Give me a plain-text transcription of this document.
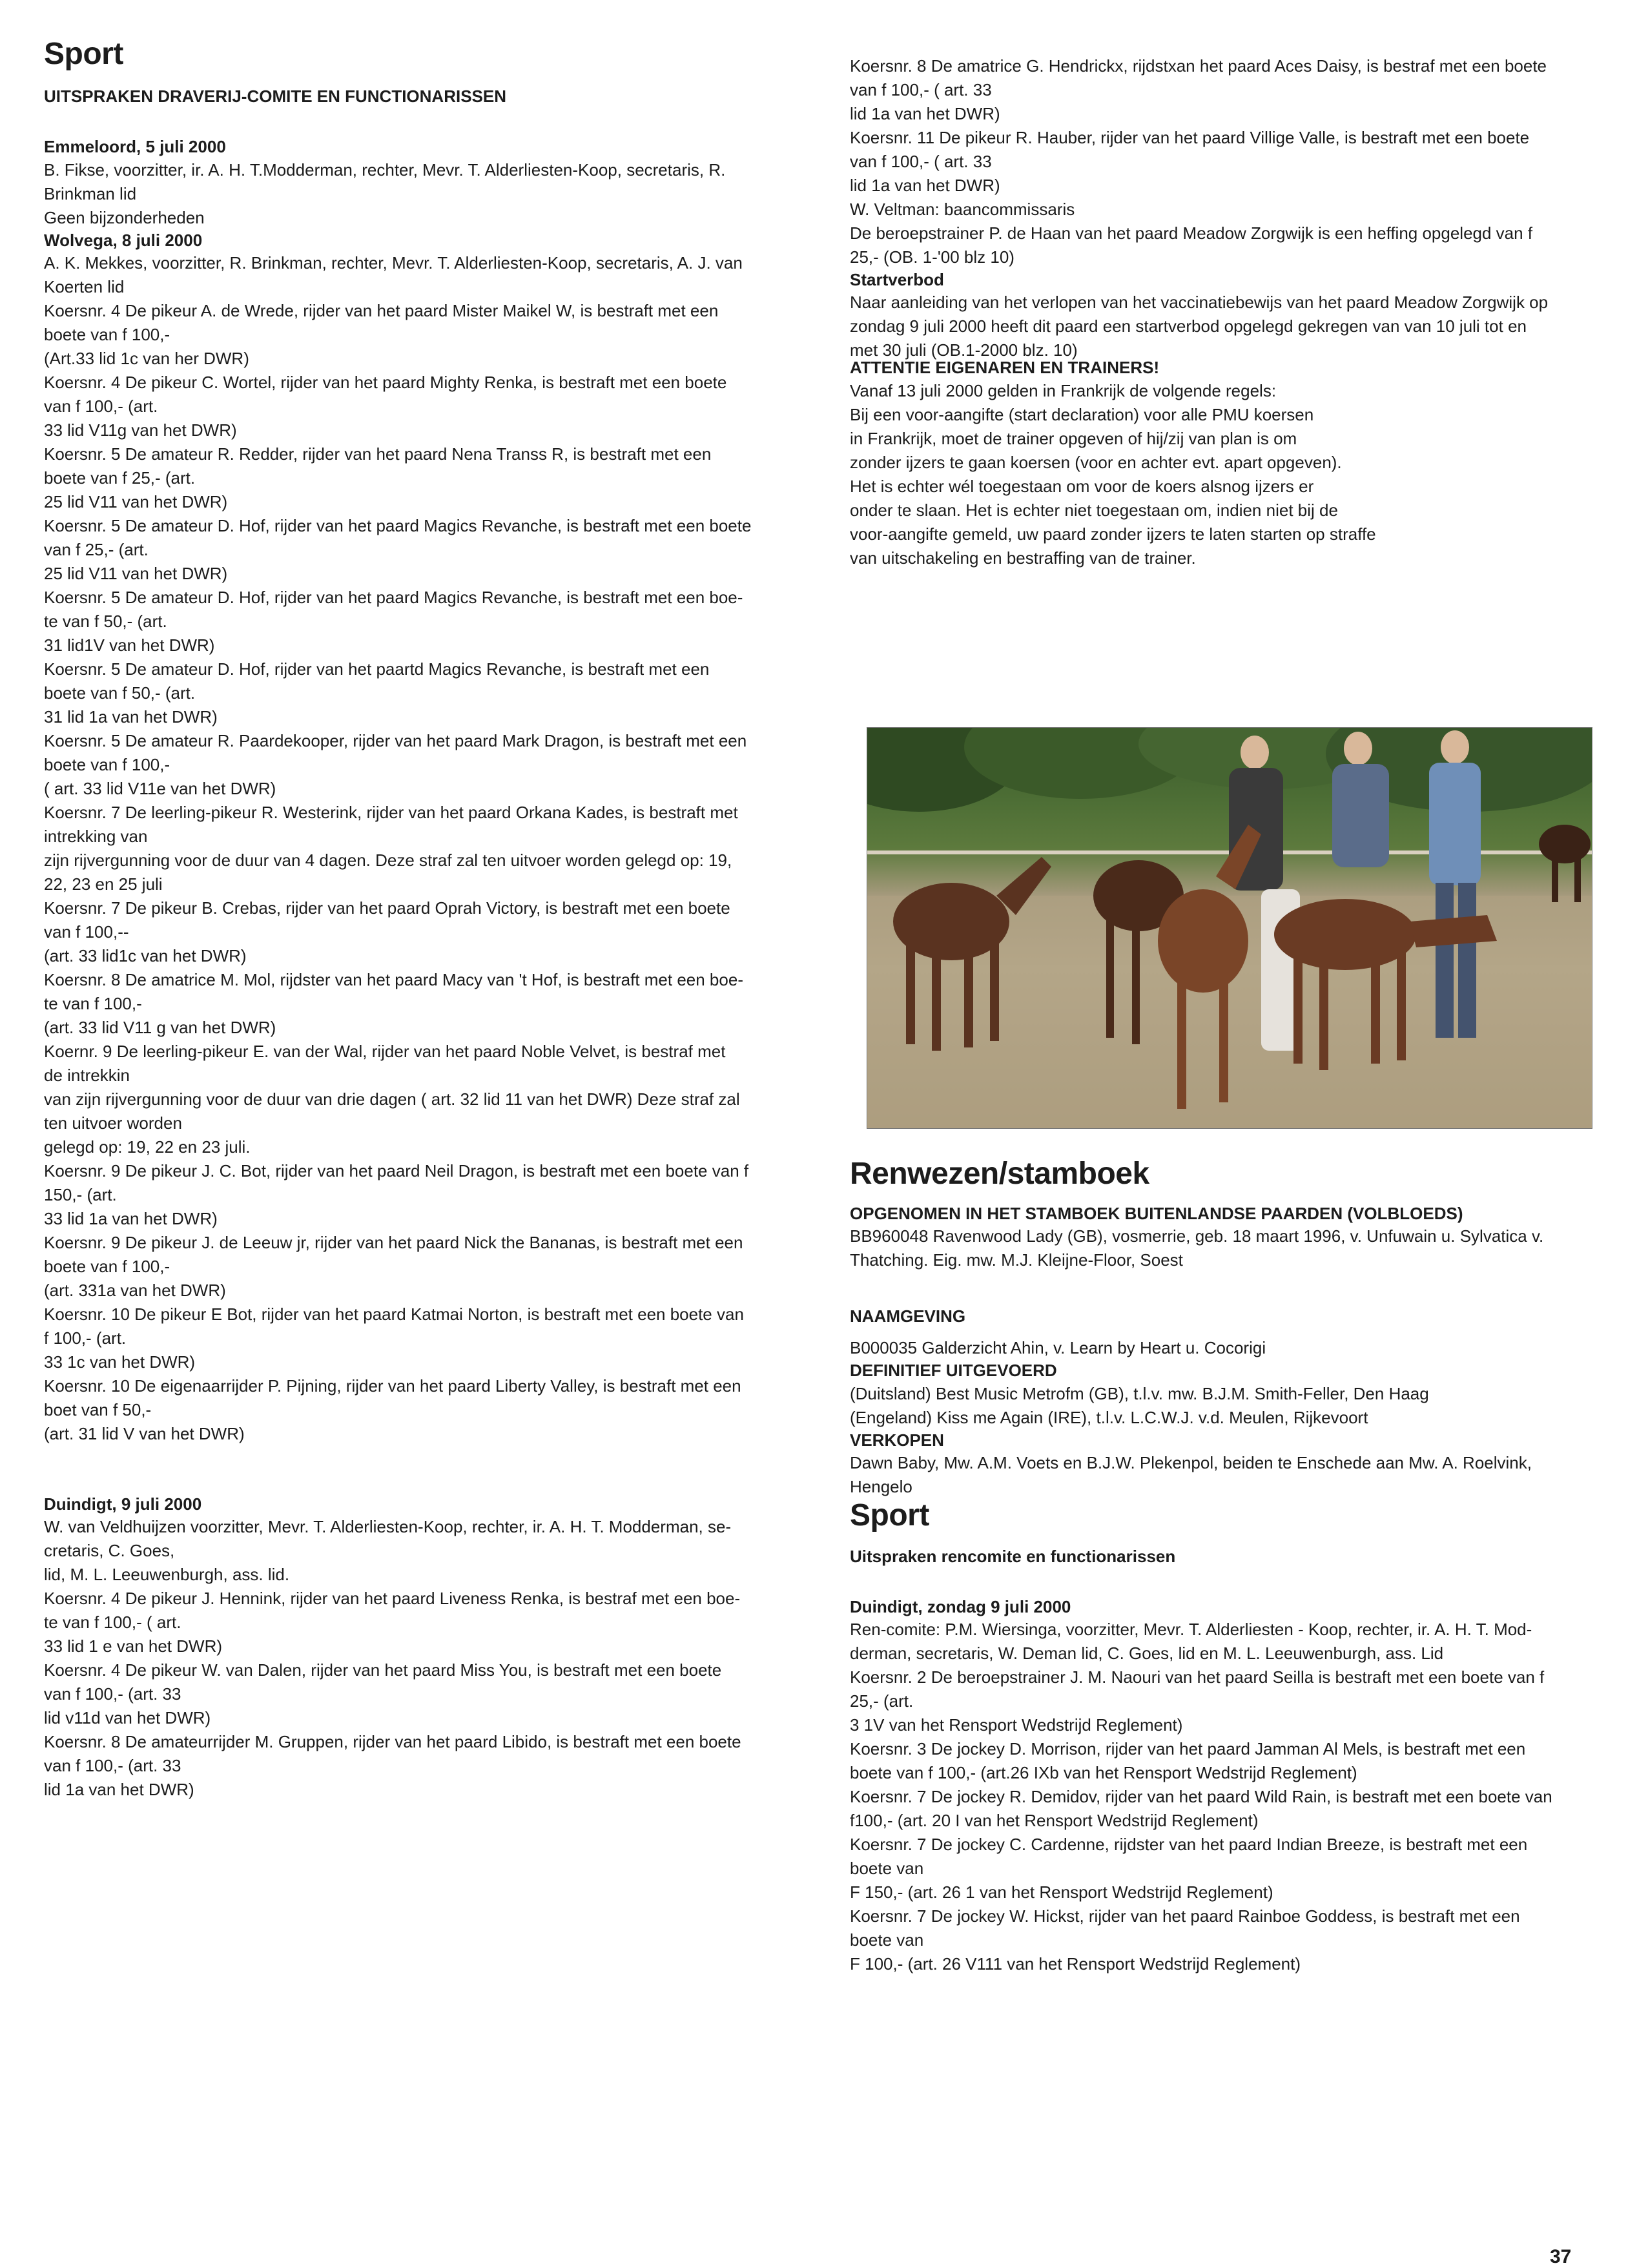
Sport
UITSPRAKEN DRAVERIJ-COMITE EN FUNCTIONARISSEN
Emmeloord, 5 juli 2000
B. Fikse, voorzitter, ir. A. H. T.Modderman, rechter, Mevr. T. Alderliesten-Koop, secretaris, R.
Brinkman lid
Geen bijzonderheden
Wolvega, 8 juli 2000
A. K. Mekkes, voorzitter, R. Brinkman, rechter, Mevr. T. Alderliesten-Koop, secretaris, A. J. van
Koerten lid
Koersnr. 4 De pikeur A. de Wrede, rijder van het paard Mister Maikel W, is bestraft met een
boete van f 100,-
(Art.33 lid 1c van her DWR)
Koersnr. 4 De pikeur C. Wortel, rijder van het paard Mighty Renka, is bestraft met een boete
van f 100,- (art.
33 lid V11g van het DWR)
Koersnr. 5 De amateur R. Redder, rijder van het paard Nena Transs R, is bestraft met een
boete van f 25,- (art.
25 lid V11 van het DWR)
Koersnr. 5 De amateur D. Hof, rijder van het paard Magics Revanche, is bestraft met een boete
van f 25,- (art.
25 lid V11 van het DWR)
Koersnr. 5 De amateur D. Hof, rijder van het paard Magics Revanche, is bestraft met een boe-
te van f 50,- (art.
31 lid1V van het DWR)
Koersnr. 5 De amateur D. Hof, rijder van het paartd Magics Revanche, is bestraft met een
boete van f 50,- (art.
31 lid 1a van het DWR)
Koersnr. 5 De amateur R. Paardekooper, rijder van het paard Mark Dragon, is bestraft met een
boete van f 100,-
( art. 33 lid V11e van het DWR)
Koersnr. 7 De leerling-pikeur R. Westerink, rijder van het paard Orkana Kades, is bestraft met
intrekking van
zijn rijvergunning voor de duur van 4 dagen. Deze straf zal ten uitvoer worden gelegd op: 19,
22, 23 en 25 juli
Koersnr. 7 De pikeur B. Crebas, rijder van het paard Oprah Victory, is bestraft met een boete
van f 100,--
(art. 33 lid1c van het DWR)
Koersnr. 8 De amatrice M. Mol, rijdster van het paard Macy van 't Hof, is bestraft met een boe-
te van f 100,-
(art. 33 lid V11 g van het DWR)
Koernr. 9 De leerling-pikeur E. van der Wal, rijder van het paard Noble Velvet, is bestraf met
de intrekkin
van zijn rijvergunning voor de duur van drie dagen ( art. 32 lid 11 van het DWR) Deze straf zal
ten uitvoer worden
gelegd op: 19, 22 en 23 juli.
Koersnr. 9 De pikeur J. C. Bot, rijder van het paard Neil Dragon, is bestraft met een boete van f
150,- (art.
33 lid 1a van het DWR)
Koersnr. 9 De pikeur J. de Leeuw jr, rijder van het paard Nick the Bananas, is bestraft met een
boete van f 100,-
(art. 331a van het DWR)
Koersnr. 10 De pikeur E Bot, rijder van het paard Katmai Norton, is bestraft met een boete van
f 100,- (art.
33 1c van het DWR)
Koersnr. 10 De eigenaarrijder P. Pijning, rijder van het paard Liberty Valley, is bestraft met een
boet van f 50,-
(art. 31 lid V van het DWR)
Duindigt, 9 juli 2000
W. van Veldhuijzen voorzitter, Mevr. T. Alderliesten-Koop, rechter, ir. A. H. T. Modderman, se-
cretaris, C. Goes,
lid, M. L. Leeuwenburgh, ass. lid.
Koersnr. 4 De pikeur J. Hennink, rijder van het paard Liveness Renka, is bestraf met een boe-
te van f 100,- ( art.
33 lid 1 e van het DWR)
Koersnr. 4 De pikeur W. van Dalen, rijder van het paard Miss You, is bestraft met een boete
van f 100,- (art. 33
lid v11d van het DWR)
Koersnr. 8 De amateurrijder M. Gruppen, rijder van het paard Libido, is bestraft met een boete
van f 100,- (art. 33
lid 1a van het DWR)
Koersnr. 8 De amatrice G. Hendrickx, rijdstxan het paard Aces Daisy, is bestraf met een boete
van f 100,- ( art. 33
lid 1a van het DWR)
Koersnr. 11 De pikeur R. Hauber, rijder van het paard Villige Valle, is bestraft met een boete
van f 100,- ( art. 33
lid 1a van het DWR)
W. Veltman: baancommissaris
De beroepstrainer P. de Haan van het paard Meadow Zorgwijk is een heffing opgelegd van f
25,- (OB. 1-'00 blz 10)
Startverbod
Naar aanleiding van het verlopen van het vaccinatiebewijs van het paard Meadow Zorgwijk op
zondag 9 juli 2000 heeft dit paard een startverbod opgelegd gekregen van van 10 juli tot en
met 30 juli (OB.1-2000 blz. 10)
ATTENTIE EIGENAREN EN TRAINERS!
Vanaf 13 juli 2000 gelden in Frankrijk de volgende regels:
Bij een voor-aangifte (start declaration) voor alle PMU koersen
in Frankrijk, moet de trainer opgeven of hij/zij van plan is om
zonder ijzers te gaan koersen (voor en achter evt. apart opgeven).
Het is echter wél toegestaan om voor de koers alsnog ijzers er
onder te slaan. Het is echter niet toegestaan om, indien niet bij de
voor-aangifte gemeld, uw paard zonder ijzers te laten starten op straffe
van uitschakeling en bestraffing van de trainer.
Renwezen/stamboek
OPGENOMEN IN HET STAMBOEK BUITENLANDSE PAARDEN (VOLBLOEDS)
BB960048 Ravenwood Lady (GB), vosmerrie, geb. 18 maart 1996, v. Unfuwain u. Sylvatica v.
Thatching. Eig. mw. M.J. Kleijne-Floor, Soest
NAAMGEVING
B000035 Galderzicht Ahin, v. Learn by Heart u. Cocorigi
DEFINITIEF UITGEVOERD
(Duitsland) Best Music Metrofm (GB), t.l.v. mw. B.J.M. Smith-Feller, Den Haag
(Engeland) Kiss me Again (IRE), t.l.v. L.C.W.J. v.d. Meulen, Rijkevoort
VERKOPEN
Dawn Baby, Mw. A.M. Voets en B.J.W. Plekenpol, beiden te Enschede aan Mw. A. Roelvink,
Hengelo
Sport
Uitspraken rencomite en functionarissen
Duindigt, zondag 9 juli 2000
Ren-comite: P.M. Wiersinga, voorzitter, Mevr. T. Alderliesten - Koop, rechter, ir. A. H. T. Mod-
derman, secretaris, W. Deman lid, C. Goes, lid en M. L. Leeuwenburgh, ass. Lid
Koersnr. 2 De beroepstrainer J. M. Naouri van het paard Seilla is bestraft met een boete van f
25,- (art.
3 1V van het Rensport Wedstrijd Reglement)
Koersnr. 3 De jockey D. Morrison, rijder van het paard Jamman Al Mels, is bestraft met een
boete van f 100,- (art.26 IXb van het Rensport Wedstrijd Reglement)
Koersnr. 7 De jockey R. Demidov, rijder van het paard Wild Rain, is bestraft met een boete van
f100,- (art. 20 I van het Rensport Wedstrijd Reglement)
Koersnr. 7 De jockey C. Cardenne, rijdster van het paard Indian Breeze, is bestraft met een
boete van
F 150,- (art. 26 1 van het Rensport Wedstrijd Reglement)
Koersnr. 7 De jockey W. Hickst, rijder van het paard Rainboe Goddess, is bestraft met een
boete van
F 100,- (art. 26 V111 van het Rensport Wedstrijd Reglement)
37
